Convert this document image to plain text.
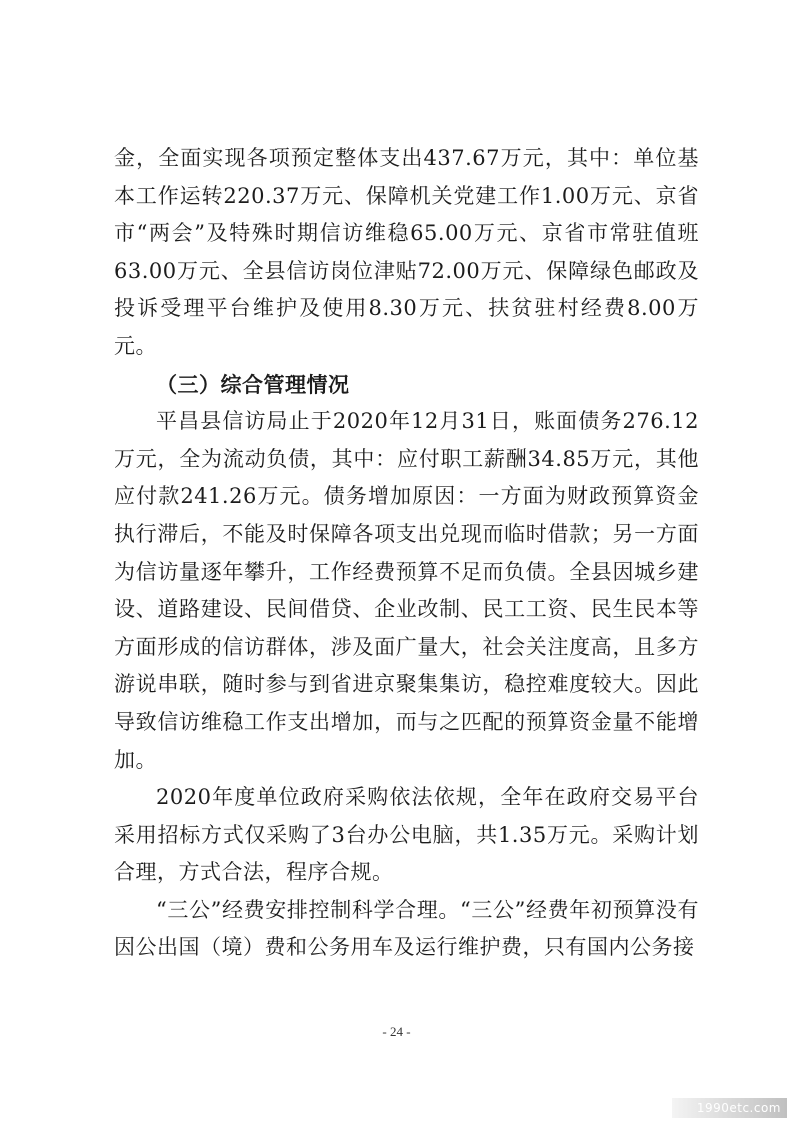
金，全面实现各项预定整体支出437.67万元，其中：单位基本工作运转220.37万元、保障机关党建工作1.00万元、京省市“两会”及特殊时期信访维稳65.00万元、京省市常驻值班63.00万元、全县信访岗位津贴72.00万元、保障绿色邮政及投诉受理平台维护及使用8.30万元、扶贫驻村经费8.00万元。

（三）综合管理情况

平昌县信访局止于2020年12月31日，账面债务276.12万元，全为流动负债，其中：应付职工薪酬34.85万元，其他应付款241.26万元。债务增加原因：一方面为财政预算资金执行滞后，不能及时保障各项支出兑现而临时借款；另一方面为信访量逐年攀升，工作经费预算不足而负债。全县因城乡建设、道路建设、民间借贷、企业改制、民工工资、民生民本等方面形成的信访群体，涉及面广量大，社会关注度高，且多方游说串联，随时参与到省进京聚集集访，稳控难度较大。因此导致信访维稳工作支出增加，而与之匹配的预算资金量不能增加。

2020年度单位政府采购依法依规，全年在政府交易平台采用招标方式仅采购了3台办公电脑，共1.35万元。采购计划合理，方式合法，程序合规。

“三公”经费安排控制科学合理。“三公”经费年初预算没有因公出国（境）费和公务用车及运行维护费，只有国内公务接

- 24 -
1990etc.com
